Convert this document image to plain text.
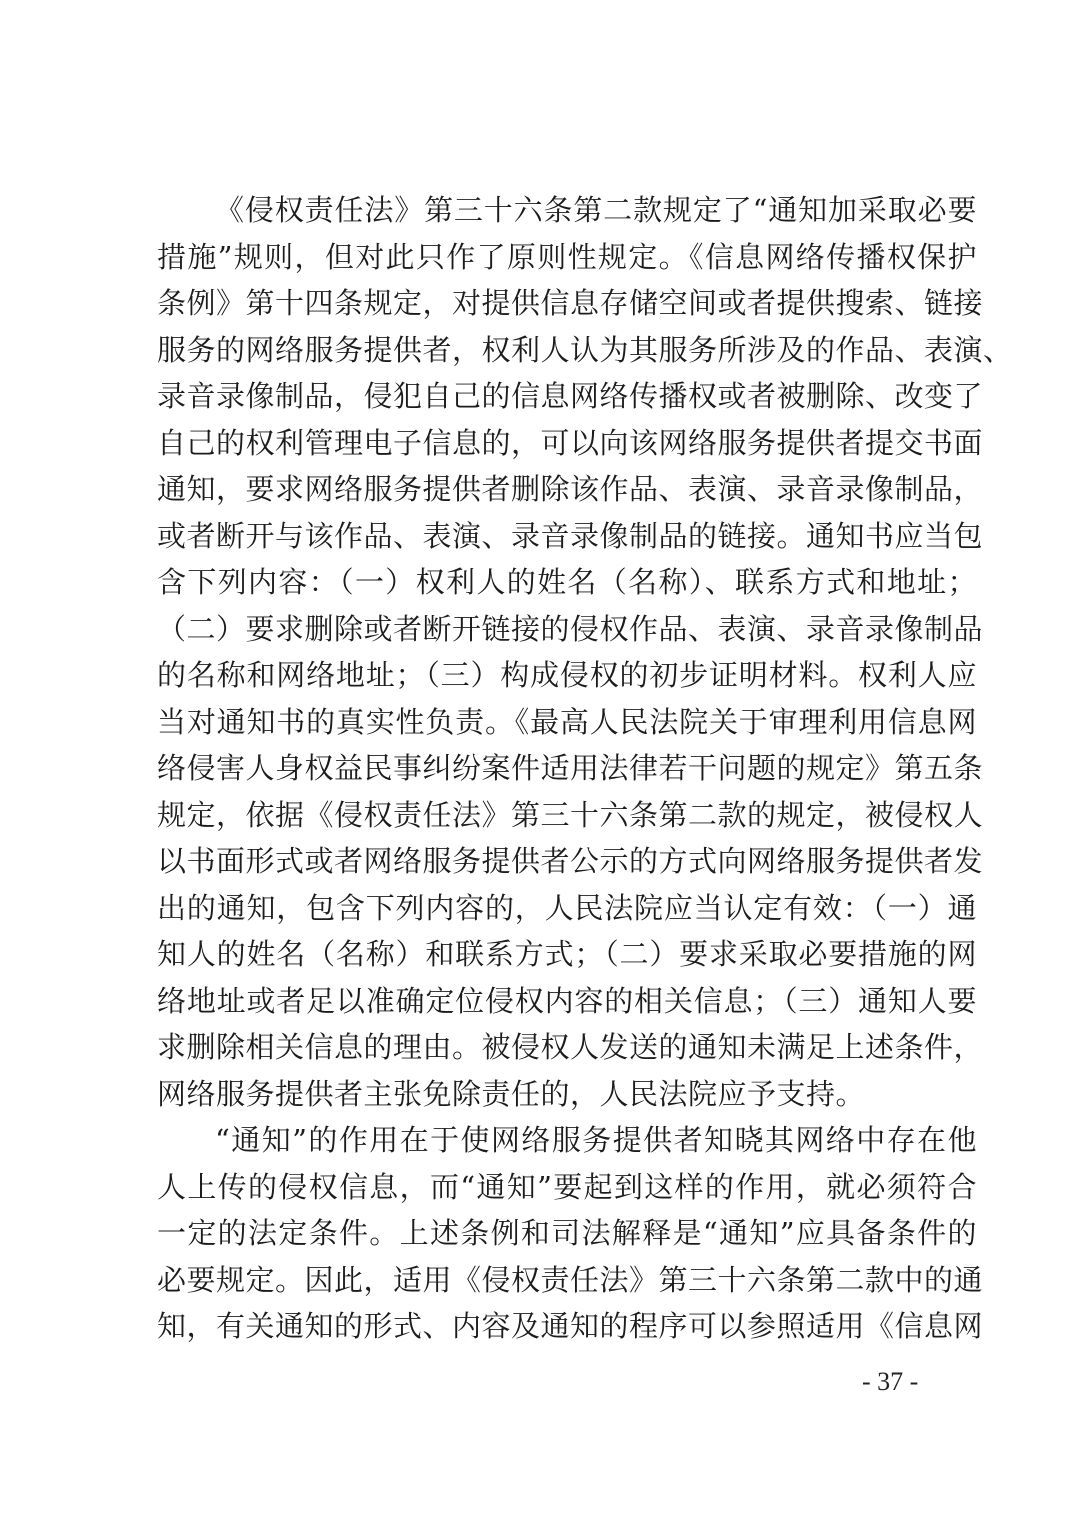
《侵权责任法》第三十六条第二款规定了“通知加采取必要
措施”规则，但对此只作了原则性规定。《信息网络传播权保护
条例》第十四条规定，对提供信息存储空间或者提供搜索、链接
服务的网络服务提供者，权利人认为其服务所涉及的作品、表演、
录音录像制品，侵犯自己的信息网络传播权或者被删除、改变了
自己的权利管理电子信息的，可以向该网络服务提供者提交书面
通知，要求网络服务提供者删除该作品、表演、录音录像制品，
或者断开与该作品、表演、录音录像制品的链接。通知书应当包
含下列内容：（一）权利人的姓名（名称）、联系方式和地址；
（二）要求删除或者断开链接的侵权作品、表演、录音录像制品
的名称和网络地址；（三）构成侵权的初步证明材料。权利人应
当对通知书的真实性负责。《最高人民法院关于审理利用信息网
络侵害人身权益民事纠纷案件适用法律若干问题的规定》第五条
规定，依据《侵权责任法》第三十六条第二款的规定，被侵权人
以书面形式或者网络服务提供者公示的方式向网络服务提供者发
出的通知，包含下列内容的，人民法院应当认定有效：（一）通
知人的姓名（名称）和联系方式；（二）要求采取必要措施的网
络地址或者足以准确定位侵权内容的相关信息；（三）通知人要
求删除相关信息的理由。被侵权人发送的通知未满足上述条件，
网络服务提供者主张免除责任的，人民法院应予支持。
“通知”的作用在于使网络服务提供者知晓其网络中存在他
人上传的侵权信息，而“通知”要起到这样的作用，就必须符合
一定的法定条件。上述条例和司法解释是“通知”应具备条件的
必要规定。因此，适用《侵权责任法》第三十六条第二款中的通
知，有关通知的形式、内容及通知的程序可以参照适用《信息网
- 37 -
